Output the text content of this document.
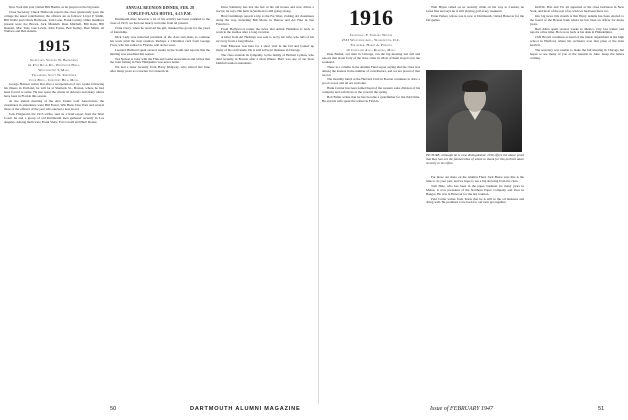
New York this year visited Bill Hanlin, as he played on the big team.

Class Secretary Chuck Holbrook reports the class generously gave the college the usual contribution; the officers are as follows: Lloyd P. Smith, Bill Wolfe and Chuck Holbrook, Tom Lane, Frank Conley. Other members present were Joe Brown, Jack Mundell, Russ Mitchell, Bill Kent, Bill Rustam, Mac Tate, Gus Lewis, John Foster, Bob Kelley, Bud Smith, Al Wallace and Ben Adams.

1915
Secretary, Spencer W. Bridgeman
41 Post Road Rd., Westwood Hills,
Westchester 3, Mass.
Treasurer, Scott W. Trefethen
Cook Bldg., Chestnut Hill, Mass.

George Hobson writes that after a recuperation of two weeks following his illness in Portland, he will be at Shattuck St., Boston, where he had been forced to retire. He has spent the winter in Arizona and many others have been in Florida this season.

At the annual meeting of the Arts Teams Golf Association, the classmates in attendance were Bill Foster, Win Hunt, Don Pratt and several more of the officers of the year who elected a new board.

Jack Fitzgerald, the 1915 scribe, sent us a brief report from the West Coast: he and a group of old Dartmouth men gathered recently in Los Angeles. Among them were Frank Shaw, Ed Crowell and Herb Doane.

ANNUAL REUNION DINNER, FEB. 28
COPLEY-PLAZA HOTEL, 6:15 P.M.

Dartmouth men: however a lot of his activity has been confined to the class of 1915; we had one hearty welcome from all present.

Clark Curry, when he received his gift, thanked the group for the years of friendship.

Dick Cady was reelected president of the class and plans to continue his work until the next reunion. Perhaps a Christmas card from George Frost, who has retired to Florida, will arrive soon.

Leonard Hubbard spent several weeks in the South and reports that the hunting was excellent this season.

Ted Nelson is busy with the Fish and Game Association and writes that the trout fishing in New Hampshire was never better.

We had a letter recently from Harry Ridgway, who retired last June after many years as a teacher in Connecticut.

Dave Salisbury has lost the last of his old horses and now drives a tractor, he says. His farm in Vermont is still going strong.

Brad Cummings reports a trip to the Far West, visiting old classmates along the way, including Bill Morse in Denver and Art Pike in San Francisco.

From Hollywood comes the news that Arthur Hamilton is back at work in the studios after a long vacation.

A letter from Art Hastings was sent to us by his wife, who tells of his recovery from a long illness.

Walt Emerson was here for a short visit in the fall and looked up many of his old friends. He is still active in business in Chicago.

The class extends its sympathy to the family of Herbert Lyman, who died recently in Boston after a short illness. Herb was one of our most faithful reunion attendants.

1916
Secretary, F. Stirling Wilson
2533 Wisconsin Ave., Washington, D.C.
Treasurer, Harry A. Phillips
10 Copeland Ave., Reading, Mass.

Dale Barker, our man in Chicago, ran the big meeting last fall and reports that about forty of the class came in. Most of them stayed over the weekend.

There is a column in the Alumni Fund report saying that the class was among the leaders in the number of contributors, and we are proud of that record.

The monthly lunch at the Harvard Club in Boston continues to draw a good crowd, and all are welcome.

Hank Currier has been named head of the western sales division of his company and will move to the coast in the spring.

Bob Fuller writes that he has become a grandfather for the third time. He and his wife spent the winter in Florida.

Walt Hayes called on us recently while on his way to Canada; he looks fine and says he is still playing golf every weekend.

Ernie Parker, whose son is now at Dartmouth, visited Hanover for the fall games.

PICTURE, although he is now distinguished, 1916 offers the above proof that Ray has not the faintest idea of whom to thank for this portrait taken recently in his office.

For those out there on the Alumni Fund, Jack Bruce says this is the time to do your part, and we hope to see a big showing from the class.

Tom Hale, who has been in the paper business for many years in Maine, is now president of the Northern Paper Company and lives in Bangor. He was in Hanover for the last reunion.

Paul Carter writes from Texas that he is still in the oil business and doing well. He promises to be back for our next get-together.

DeWitt, Bob and Vic all appeared at the class luncheon in New York, and most of the rest of us wish we had been there too.

Our big news this month is that Harry Adams has been elected to the board of the Boston bank where he has been an officer for many years.

Burt Allen spent several weeks in Mexico City last winter and reports a fine time. He is now back at his desk in Philadelphia.

Cliff Brown continues as head of the music department at the high school in Hartford, where his orchestra won first prize at the state festival.

The secretary was unable to make the fall meeting in Chicago but hopes to see many of you at the reunion in June. Keep the letters coming.

50	DARTMOUTH ALUMNI MAGAZINE	Issue of FEBRUARY 1947	51
